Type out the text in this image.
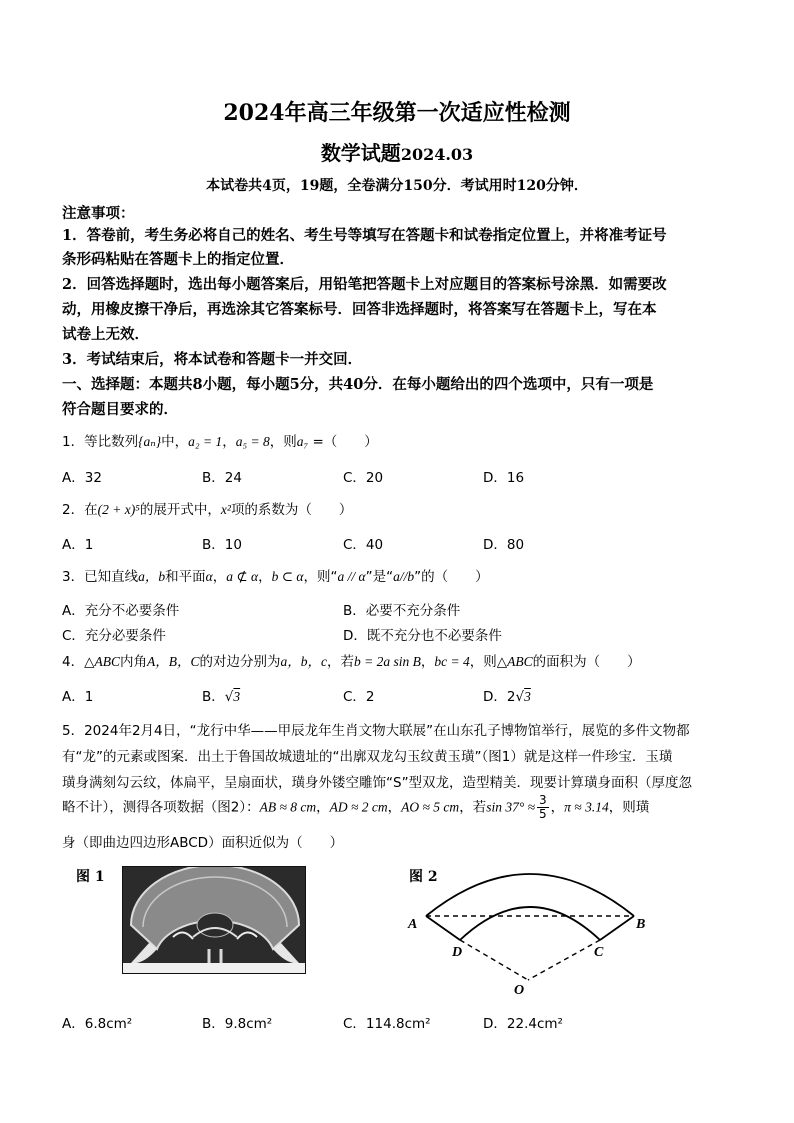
2024年高三年级第一次适应性检测
数学试题2024.03
本试卷共4页，19题，全卷满分150分．考试用时120分钟．
注意事项：
1．答卷前，考生务必将自己的姓名、考生号等填写在答题卡和试卷指定位置上，并将准考证号
条形码粘贴在答题卡上的指定位置．
2．回答选择题时，选出每小题答案后，用铅笔把答题卡上对应题目的答案标号涂黑．如需要改
动，用橡皮擦干净后，再选涂其它答案标号．回答非选择题时，将答案写在答题卡上，写在本
试卷上无效．
3．考试结束后，将本试卷和答题卡一并交回．
一、选择题：本题共8小题，每小题5分，共40分．在每小题给出的四个选项中，只有一项是
符合题目要求的．
1．等比数列{aₙ}中，a₂ = 1，a₅ = 8，则a₇ =（　　）
A．32	B．24	C．20	D．16
2．在(2 + x)⁵的展开式中，x²项的系数为（　　）
A．1	B．10	C．40	D．80
3．已知直线a，b和平面α，a ⊄ α，b ⊂ α，则“a // α”是“a//b”的（　　）
A．充分不必要条件	B．必要不充分条件
C．充分必要条件	D．既不充分也不必要条件
4．△ABC内角A，B，C的对边分别为a，b，c，若b = 2a sin B，bc = 4，则△ABC的面积为（　　）
A．1	B．√3	C．2	D．2√3
5．2024年2月4日，“龙行中华——甲辰龙年生肖文物大联展”在山东孔子博物馆举行，展览的多件文物都
有“龙”的元素或图案．出土于鲁国故城遗址的“出廓双龙勾玉纹黄玉璜”（图1）就是这样一件珍宝．玉璜
璜身满刻勾云纹，体扁平，呈扇面状，璜身外镂空雕饰“S”型双龙，造型精美．现要计算璜身面积（厚度忽
略不计），测得各项数据（图2）：AB ≈ 8 cm，AD ≈ 2 cm，AO ≈ 5 cm，若$\sin 37^\circ \approx \frac{3}{5}$ ，π ≈ 3.14，则璜
身（即曲边四边形ABCD）面积近似为（　　）
图 1	图 2
A	B
C
D
O
A．6.8cm²	B．9.8cm²	C．114.8cm²	D．22.4cm²
